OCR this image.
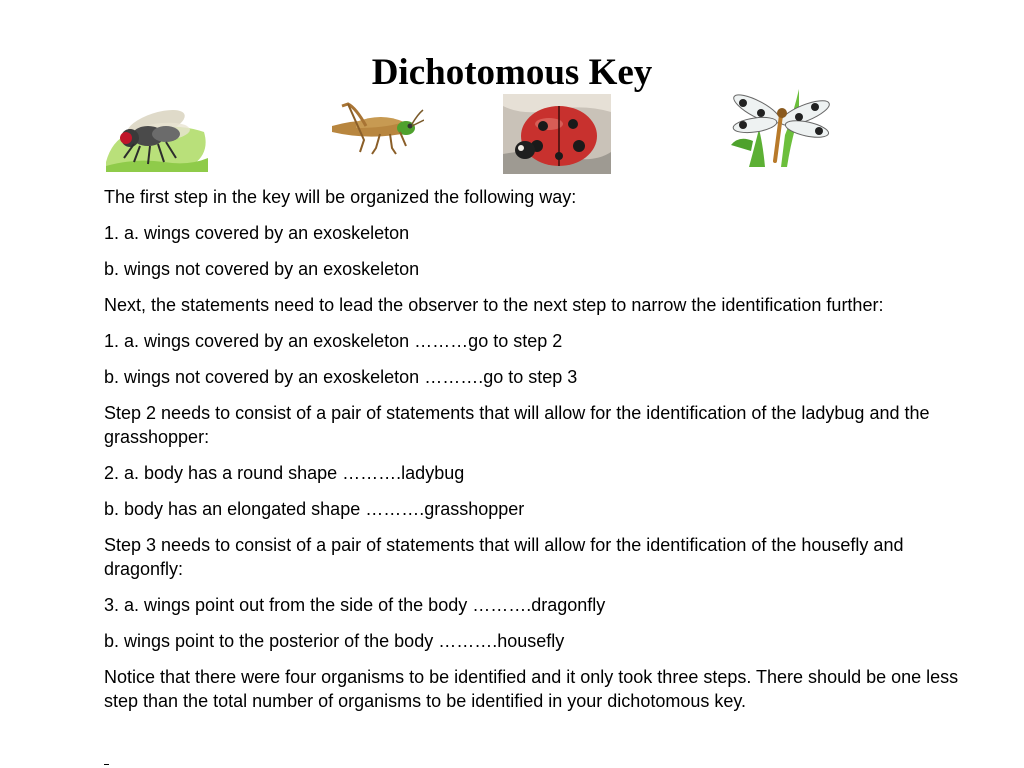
Dichotomous Key

The first step in the key will be organized the following way:

1. a. wings covered by an exoskeleton

b. wings not covered by an exoskeleton

Next, the statements need to lead the observer to the next step to narrow the identification further:

1. a. wings covered by an exoskeleton ………go to step 2

b. wings not covered by an exoskeleton ……….go to step 3

Step 2 needs to consist of a pair of statements that will allow for the identification of the ladybug and the grasshopper:

2. a. body has a round shape ……….ladybug

b. body has an elongated shape ……….grasshopper

Step 3 needs to consist of a pair of statements that will allow for the identification of the housefly and dragonfly:

3. a. wings point out from the side of the body ……….dragonfly

b. wings point to the posterior of the body ……….housefly

Notice that there were four organisms to be identified and it only took three steps. There should be one less step than the total number of organisms to be identified in your dichotomous key.
